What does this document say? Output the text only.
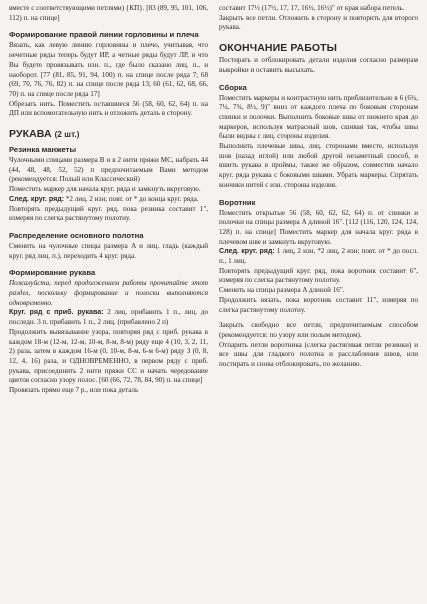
вместе с соответствующими петлями) {КП}. [83 (89, 95, 101, 106, 112) п. на спице]

Формирование правой линии горловины и плеча

Вязать, как левую линию горловины и плечо, учитывая, что нечетные ряды теперь будут ИР, а четные ряды будут ЛР, и что Вы будете провязывать изн. п., где было сказано лиц. п., и наоборот. [77 (81, 85, 91, 94, 100) п. на спице после ряда 7; 68 (69, 70, 76, 76, 82) п. на спице после ряда 13; 60 (61, 62, 68, 66, 70) п. на спице после ряда 17]

Обрезать нить. Поместить оставшиеся 56 (58, 60, 62, 64) п. на ДП или вспомогательную нить и отложить деталь в сторону.

РУКАВА (2 шт.)
Резинка манжеты

Чулочными спицами размера B и в 2 нити пряжи МС, набрать 44 (44, 48, 48, 52, 52) п предпочитаемым Вами методом (рекомендуется: Полый или Классический)

Поместить маркер для начала круг. ряда и замкнуть вкруговую.

След. круг. ряд: *2 лиц. 2 изн; повт. от * до конца круг. ряда.

Повторять предыдущий круг. ряд, пока резинка составит 1", измеряя по слегка растянутому полотну.

Распределение основного полотна

Сменить на чулочные спицы размера A и лиц. гладь (каждый круг. ряд лиц. п.), переходить 4 круг. ряда.

Формирование рукава

Пожалуйста, перед продолжением работы прочитайте этот раздел, поскольку формирование и полоски выполняются одновременно.

Круг. ряд с приб. рукава: 2 лиц. прибавить 1 п., лиц. до последн. 3 п. прибавить 1 п., 2 лиц. (прибавлено 2 п)

Продолжить вывязывание узора, повторяя ряд с приб. рукава в каждом 18-м (12-м, 12-м, 10-м, 8-м, 8-м) ряду еще 4 (10, 3, 2, 11, 2) раза, затем в каждом 16-м (0, 10-м, 8-м, 6-м 6-м) ряду 3 (0, 8, 12, 4, 16) раза, и ОДНОВРЕМЕННО, в первом ряду с приб. рукава, присоединить 2 нити пряжи CC и начать чередование цветов согласно узору полос. [60 (66, 72, 78, 84, 90) п. на спице]

Провязать прямо еще 7 р., или пока деталь

составит 17½ (17½, 17, 17, 16½, 16½)" от края набора петель.

Закрыть все петли. Отложить в сторону и повторить для второго рукава.

ОКОНЧАНИЕ РАБОТЫ

Постирать и отблокировать детали изделия согласно размерам выкройки и оставить высыхать.

Сборка

Поместить маркеры и контрастную нить приблизительно в 6 (6¾, 7¼, 7¾, 8½, 9)" вниз от каждого плеча по боковым сторонам спинки и полочки. Выполнить боковые швы от нижнего края до маркеров, используя матрасный шов, сшивая так, чтобы швы были видны с лиц. стороны изделия.

Выполнить плечевые швы, лиц. сторонами вместе, используя шов (назад иглой) или любой другой незаметный способ, и вшить рукава в проймы, также же образом, совместив начало круг. ряда рукава с боковыми швами. Убрать маркеры. Спрятать кончики нитей с изн. стороны изделия.

Воротник

Поместить открытые 56 (58, 60, 62, 62, 64) п. от спинки и полочки на спицы размера A длиной 16". [112 (116, 120, 124, 124, 128) п. на спице] Поместить маркер для начала круг. ряда в плечевом шве и замкнуть вкруговую.

След. круг. ряд: 1 лиц, 2 изн, *2 лиц, 2 изн; повт. от * до посл. п., 1 лиц.

Повторять предыдущий круг. ряд, пока воротник составит 6", измеряя по слегка растянутому полотну.

Сменить на спицы размера A длиной 16".

Продолжить вязать, пока воротник составит 11", измеряя по слегка растянутому полотну.

Закрыть свободно все петли, предпочитаемым способом (рекомендуется: по узору или полым методом).

Отпарить петли воротника (слегка растягивая петли резинки) и все швы для гладкого полотна и расслабления швов, или постирать и снова отблокировать, по желанию.
